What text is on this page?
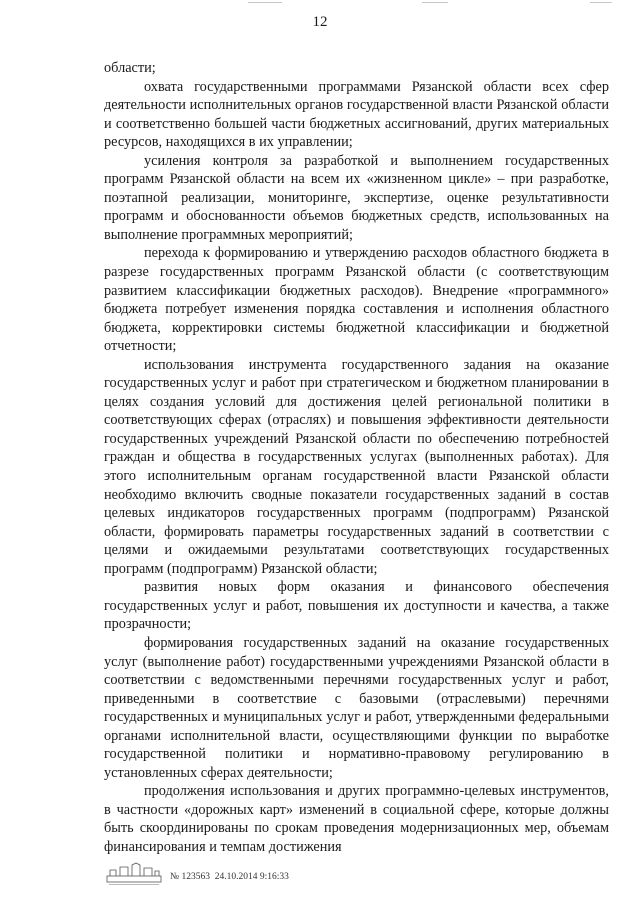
12

области;

охвата государственными программами Рязанской области всех сфер деятельности исполнительных органов государственной власти Рязанской области и соответственно большей части бюджетных ассигнований, других материальных ресурсов, находящихся в их управлении;

усиления контроля за разработкой и выполнением государственных программ Рязанской области на всем их «жизненном цикле» – при разработке, поэтапной реализации, мониторинге, экспертизе, оценке результативности программ и обоснованности объемов бюджетных средств, использованных на выполнение программных мероприятий;

перехода к формированию и утверждению расходов областного бюджета в разрезе государственных программ Рязанской области (с соответствующим развитием классификации бюджетных расходов). Внедрение «программного» бюджета потребует изменения порядка составления и исполнения областного бюджета, корректировки системы бюджетной классификации и бюджетной отчетности;

использования инструмента государственного задания на оказание государственных услуг и работ при стратегическом и бюджетном планировании в целях создания условий для достижения целей региональной политики в соответствующих сферах (отраслях) и повышения эффективности деятельности государственных учреждений Рязанской области по обеспечению потребностей граждан и общества в государственных услугах (выполненных работах). Для этого исполнительным органам государственной власти Рязанской области необходимо включить сводные показатели государственных заданий в состав целевых индикаторов государственных программ (подпрограмм) Рязанской области, формировать параметры государственных заданий в соответствии с целями и ожидаемыми результатами соответствующих государственных программ (подпрограмм) Рязанской области;

развития новых форм оказания и финансового обеспечения государственных услуг и работ, повышения их доступности и качества, а также прозрачности;

формирования государственных заданий на оказание государственных услуг (выполнение работ) государственными учреждениями Рязанской области в соответствии с ведомственными перечнями государственных услуг и работ, приведенными в соответствие с базовыми (отраслевыми) перечнями государственных и муниципальных услуг и работ, утвержденными федеральными органами исполнительной власти, осуществляющими функции по выработке государственной политики и нормативно-правовому регулированию в установленных сферах деятельности;

продолжения использования и других программно-целевых инструментов, в частности «дорожных карт» изменений в социальной сфере, которые должны быть скоординированы по срокам проведения модернизационных мер, объемам финансирования и темпам достижения

№ 123563 24.10.2014 9:16:33
